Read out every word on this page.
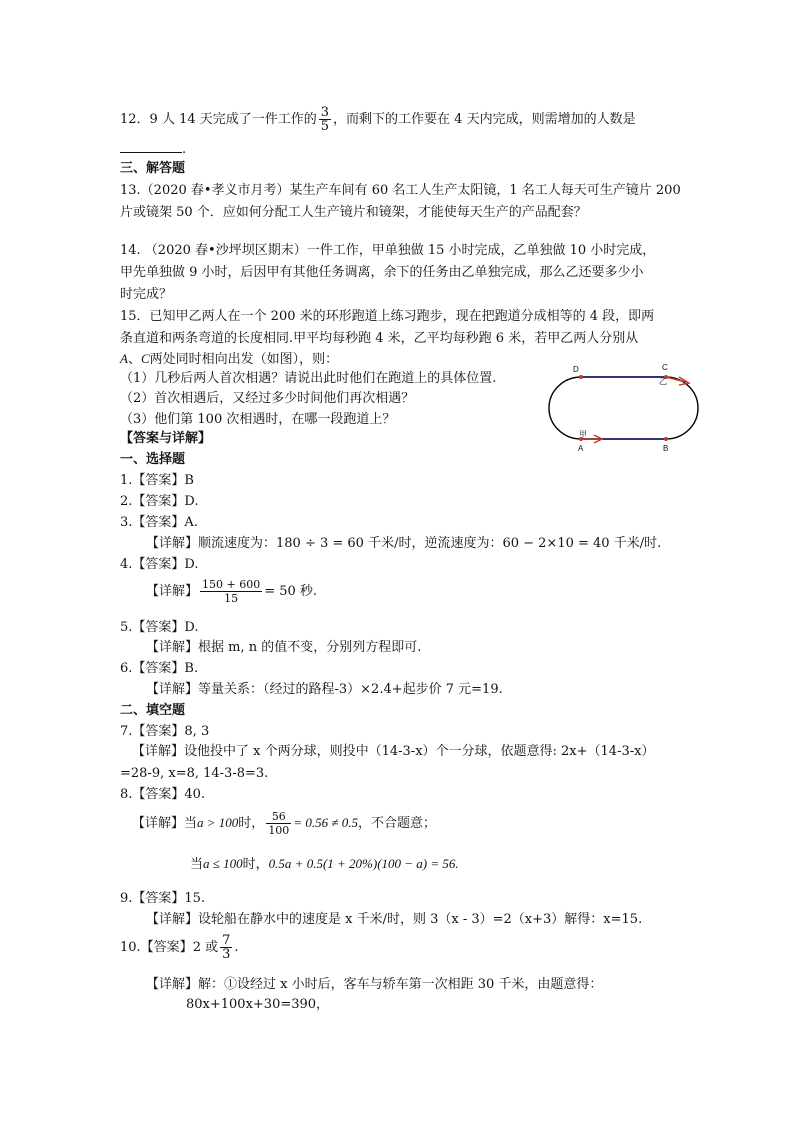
12．9 人 14 天完成了一件工作的 $\frac{3}{5}$ ，而剩下的工作要在 4 天内完成，则需增加的人数是
.
三、解答题
13.（2020 春•孝义市月考）某生产车间有 60 名工人生产太阳镜，1 名工人每天可生产镜片 200
片或镜架 50 个．应如何分配工人生产镜片和镜架，才能使每天生产的产品配套？
14. （2020 春•沙坪坝区期末）一件工作，甲单独做 15 小时完成，乙单独做 10 小时完成，
甲先单独做 9 小时，后因甲有其他任务调离，余下的任务由乙单独完成，那么乙还要多少小
时完成？
15．已知甲乙两人在一个 200 米的环形跑道上练习跑步，现在把跑道分成相等的 4 段，即两
条直道和两条弯道的长度相同.甲平均每秒跑 4 米，乙平均每秒跑 6 米，若甲乙两人分别从
A、C两处同时相向出发（如图），则：
（1）几秒后两人首次相遇？请说出此时他们在跑道上的具体位置.
（2）首次相遇后，又经过多少时间他们再次相遇？
（3）他们第 100 次相遇时，在哪一段跑道上？
D	C
乙
甲
A	B
【答案与详解】
一、选择题
1.【答案】B
2.【答案】D.
3.【答案】A.
【详解】顺流速度为：180 ÷ 3 = 60 千米/时，逆流速度为：60 − 2×10 = 40 千米/时.
4.【答案】D.
【详解】 $\frac{150 + 600}{15} = 50$ 秒.
5.【答案】D.
【详解】根据 m, n 的值不变，分别列方程即可.
6.【答案】B.
【详解】等量关系：（经过的路程-3）×2.4+起步价 7 元=19.
二、填空题
7.【答案】8, 3
【详解】设他投中了 x 个两分球，则投中（14-3-x）个一分球，依题意得: 2x+（14-3-x）
=28-9, x=8, 14-3-8=3.
8.【答案】40.
【详解】当a > 100时， $\frac{56}{100} = 0.56 \ne 0.5$，不合题意；
当a ≤ 100时，0.5a + 0.5(1 + 20%)(100 − a) = 56.
9.【答案】15.
【详解】设轮船在静水中的速度是 x 千米/时，则 3（x - 3）=2（x+3）解得：x=15.
10.【答案】2 或 $\frac{7}{3}$ .
【详解】解：①设经过 x 小时后，客车与轿车第一次相距 30 千米，由题意得：
80x+100x+30=390，
